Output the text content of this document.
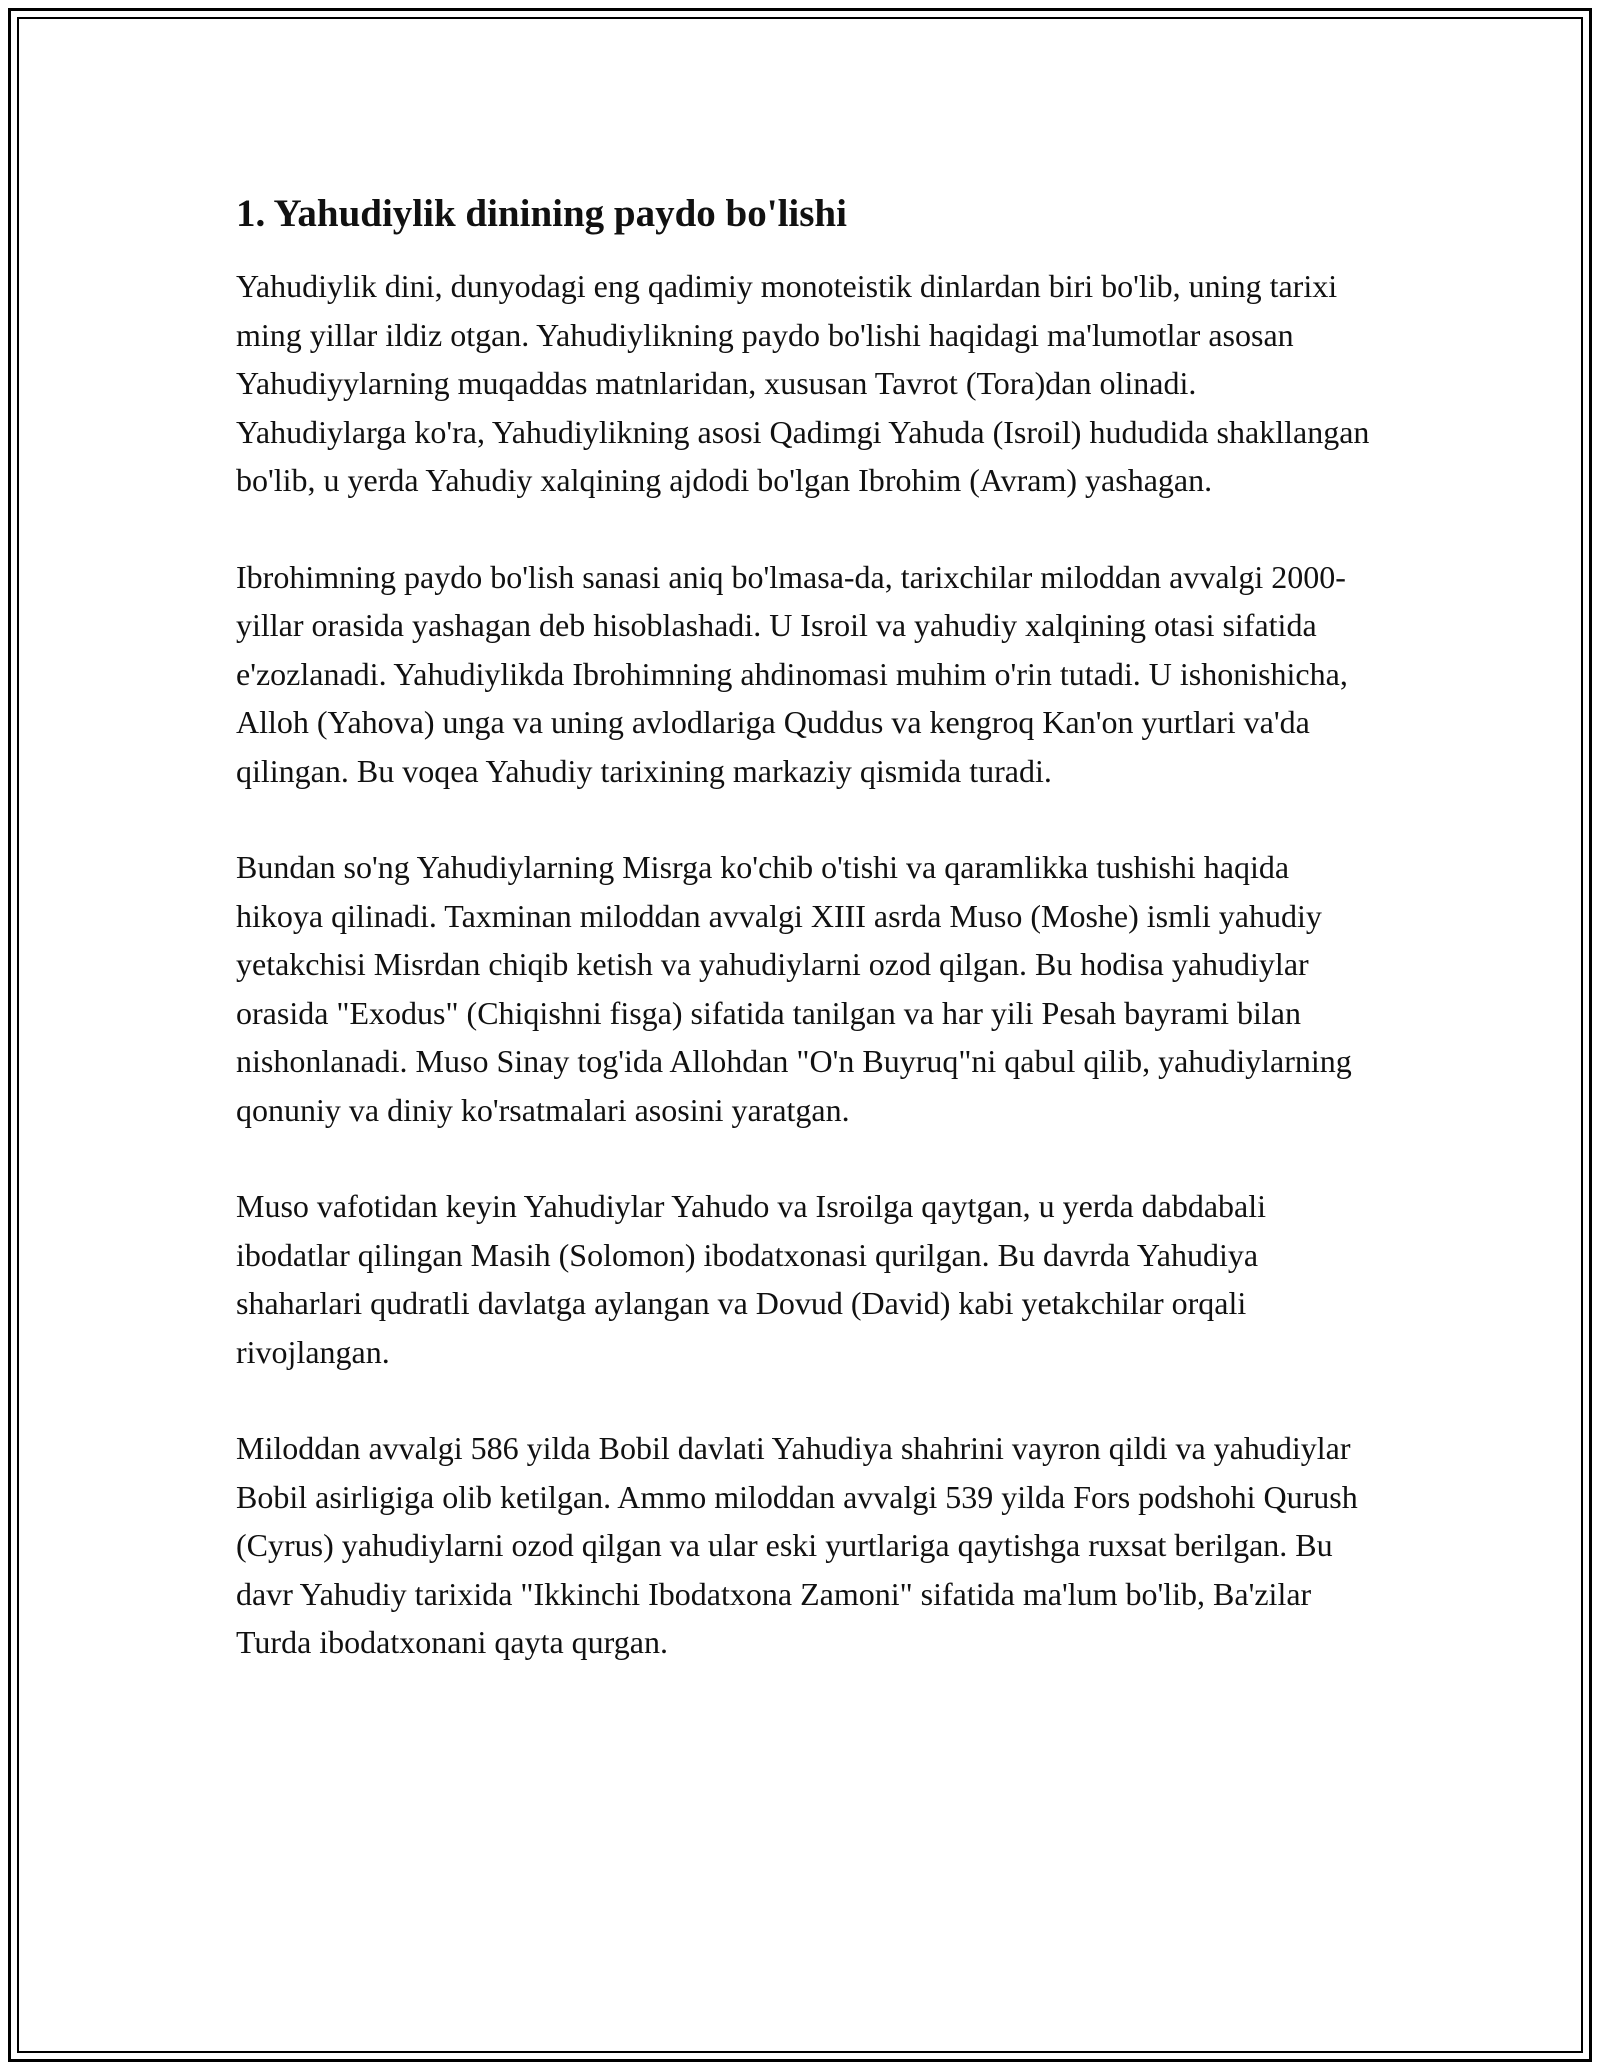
1. Yahudiylik dinining paydo bo'lishi

Yahudiylik dini, dunyodagi eng qadimiy monoteistik dinlardan biri bo'lib, uning tarixi ming yillar ildiz otgan. Yahudiylikning paydo bo'lishi haqidagi ma'lumotlar asosan Yahudiyylarning muqaddas matnlaridan, xususan Tavrot (Tora)dan olinadi. Yahudiylarga ko'ra, Yahudiylikning asosi Qadimgi Yahuda (Isroil) hududida shakllangan bo'lib, u yerda Yahudiy xalqining ajdodi bo'lgan Ibrohim (Avram) yashagan.

Ibrohimning paydo bo'lish sanasi aniq bo'lmasa-da, tarixchilar miloddan avvalgi 2000-yillar orasida yashagan deb hisoblashadi. U Isroil va yahudiy xalqining otasi sifatida e'zozlanadi. Yahudiylikda Ibrohimning ahdinomasi muhim o'rin tutadi. U ishonishicha, Alloh (Yahova) unga va uning avlodlariga Quddus va kengroq Kan'on yurtlari va'da qilingan. Bu voqea Yahudiy tarixining markaziy qismida turadi.

Bundan so'ng Yahudiylarning Misrga ko'chib o'tishi va qaramlikka tushishi haqida hikoya qilinadi. Taxminan miloddan avvalgi XIII asrda Muso (Moshe) ismli yahudiy yetakchisi Misrdan chiqib ketish va yahudiylarni ozod qilgan. Bu hodisa yahudiylar orasida "Exodus" (Chiqishni fisga) sifatida tanilgan va har yili Pesah bayrami bilan nishonlanadi. Muso Sinay tog'ida Allohdan "O'n Buyruq"ni qabul qilib, yahudiylarning qonuniy va diniy ko'rsatmalari asosini yaratgan.

Muso vafotidan keyin Yahudiylar Yahudo va Isroilga qaytgan, u yerda dabdabali ibodatlar qilingan Masih (Solomon) ibodatxonasi qurilgan. Bu davrda Yahudiya shaharlari qudratli davlatga aylangan va Dovud (David) kabi yetakchilar orqali rivojlangan.

Miloddan avvalgi 586 yilda Bobil davlati Yahudiya shahrini vayron qildi va yahudiylar Bobil asirligiga olib ketilgan. Ammo miloddan avvalgi 539 yilda Fors podshohi Qurush (Cyrus) yahudiylarni ozod qilgan va ular eski yurtlariga qaytishga ruxsat berilgan. Bu davr Yahudiy tarixida "Ikkinchi Ibodatxona Zamoni" sifatida ma'lum bo'lib, Ba'zilar Turda ibodatxonani qayta qurgan.
